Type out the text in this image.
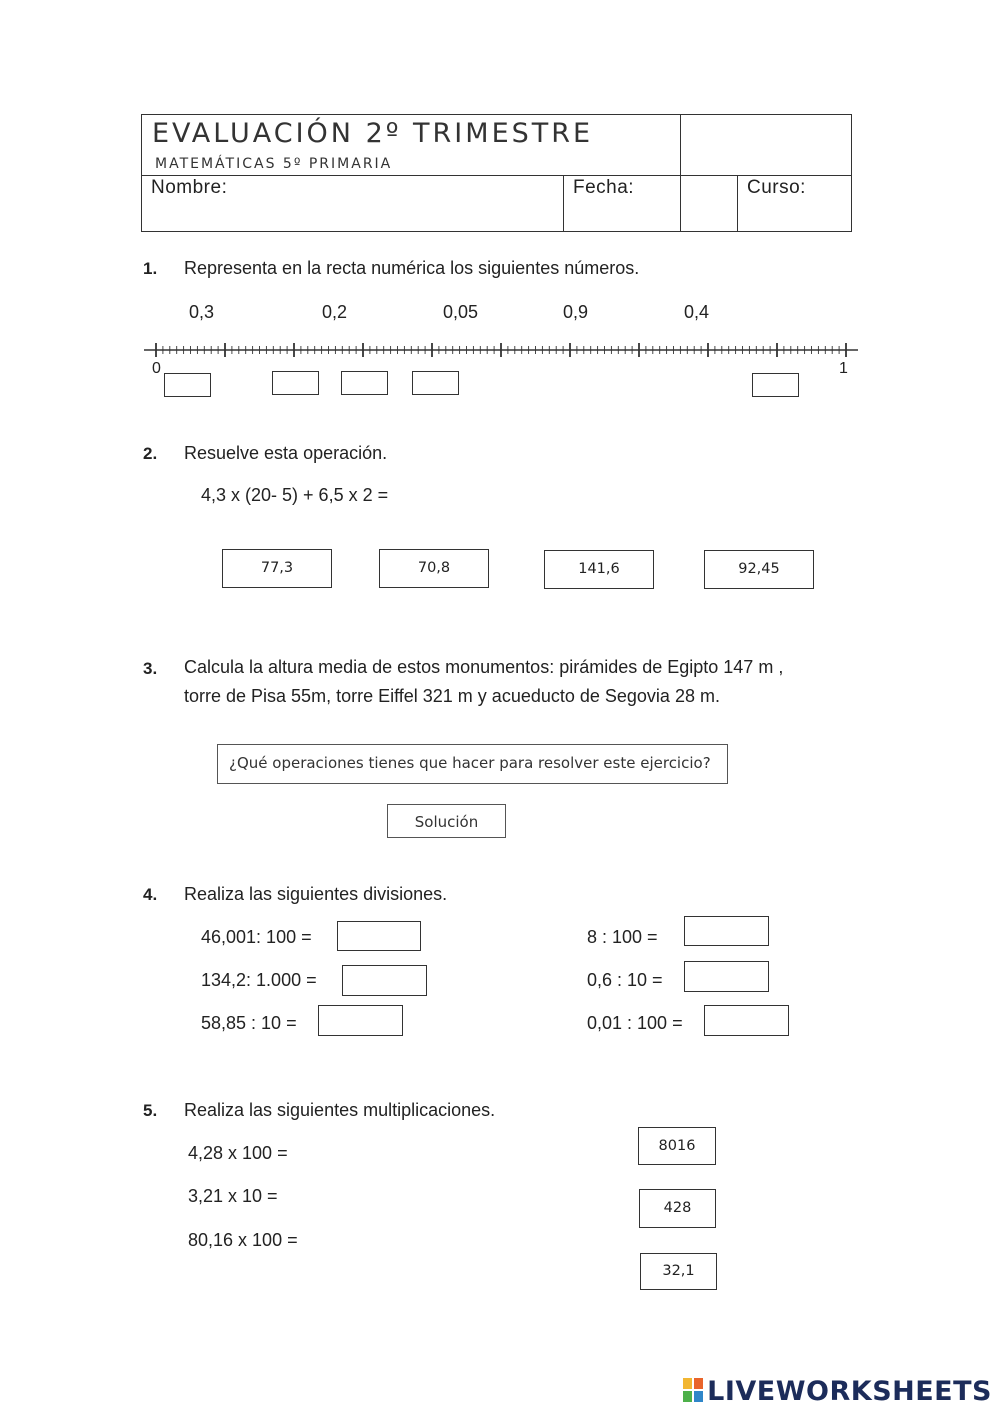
EVALUACIÓN 2º TRIMESTRE
MATEMÁTICAS 5º PRIMARIA
Nombre:	Fecha:	Curso:
1. Representa en la recta numérica los siguientes números.
0,3	0,2	0,05	0,9	0,4
0	1
2. Resuelve esta operación.
4,3 x (20- 5) + 6,5 x 2 =
77,3	70,8	141,6	92,45
3. Calcula la altura media de estos monumentos: pirámides de Egipto 147 m ,
torre de Pisa 55m, torre Eiffel 321 m y acueducto de Segovia 28 m.
¿Qué operaciones tienes que hacer para resolver este ejercicio?
Solución
4. Realiza las siguientes divisiones.
46,001: 100 =
134,2: 1.000 =
58,85 : 10 =
8 : 100 =
0,6 : 10 =
0,01 : 100 =
5. Realiza las siguientes multiplicaciones.
4,28 x 100 =
3,21 x 10 =
80,16 x 100 =
8016
428
32,1
LIVEWORKSHEETS
